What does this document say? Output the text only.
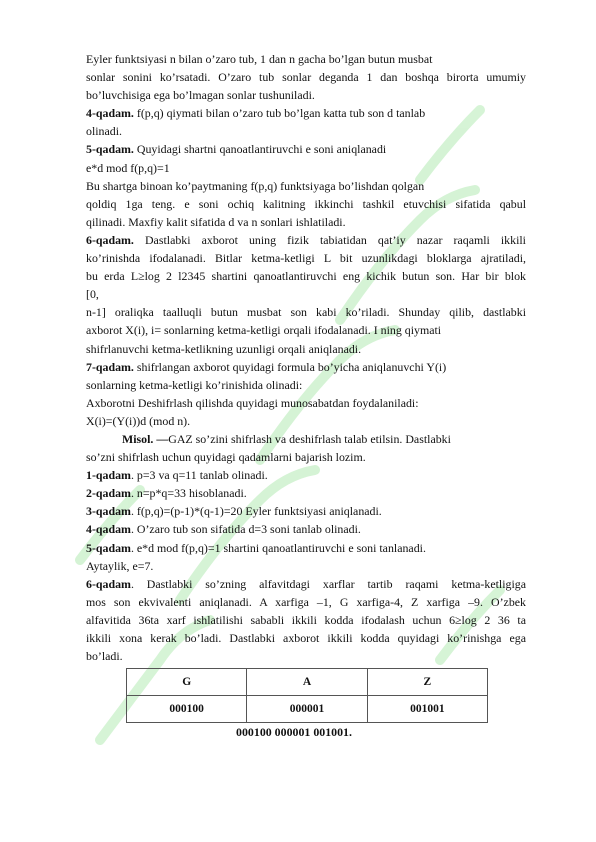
Eyler funktsiyasi n bilan o’zaro tub, 1 dan n gacha bo’lgan butun musbat

sonlar sonini ko’rsatadi. O’zaro tub sonlar deganda 1 dan boshqa birorta umumiy

bo’luvchisiga ega bo’lmagan sonlar tushuniladi.

4-qadam. f(p,q) qiymati bilan o’zaro tub bo’lgan katta tub son d tanlab

olinadi.

5-qadam. Quyidagi shartni qanoatlantiruvchi e soni aniqlanadi

e*d mod f(p,q)=1

Bu shartga binoan ko’paytmaning f(p,q) funktsiyaga bo’lishdan qolgan

qoldiq 1ga teng. e soni ochiq kalitning ikkinchi tashkil etuvchisi sifatida qabul

qilinadi. Maxfiy kalit sifatida d va n sonlari ishlatiladi.

6-qadam. Dastlabki axborot uning fizik tabiatidan qat’iy nazar raqamli ikkili

ko’rinishda ifodalanadi. Bitlar ketma-ketligi L bit uzunlikdagi bloklarga ajratiladi,

bu erda L≥log 2 l2345 shartini qanoatlantiruvchi eng kichik butun son. Har bir blok

[0,

n-1] oraliqka taalluqli butun musbat son kabi ko’riladi. Shunday qilib, dastlabki

axborot X(i), i= sonlarning ketma-ketligi orqali ifodalanadi. I ning qiymati

shifrlanuvchi ketma-ketlikning uzunligi orqali aniqlanadi.

7-qadam. shifrlangan axborot quyidagi formula bo’yicha aniqlanuvchi Y(i)

sonlarning ketma-ketligi ko’rinishida olinadi:

Axborotni Deshifrlash qilishda quyidagi munosabatdan foydalaniladi:

X(i)=(Y(i))d (mod n).

Misol. —GAZ so’zini shifrlash va deshifrlash talab etilsin. Dastlabki

so’zni shifrlash uchun quyidagi qadamlarni bajarish lozim.

1-qadam. p=3 va q=11 tanlab olinadi.

2-qadam. n=p*q=33 hisoblanadi.

3-qadam. f(p,q)=(p-1)*(q-1)=20 Eyler funktsiyasi aniqlanadi.

4-qadam. O’zaro tub son sifatida d=3 soni tanlab olinadi.

5-qadam. e*d mod f(p,q)=1 shartini qanoatlantiruvchi e soni tanlanadi.

Aytaylik, e=7.

6-qadam. Dastlabki so’zning alfavitdagi xarflar tartib raqami ketma-ketligiga

mos son ekvivalenti aniqlanadi. A xarfiga –1, G xarfiga-4, Z xarfiga –9. O’zbek

alfavitida 36ta xarf ishlatilishi sababli ikkili kodda ifodalash uchun 6≥log 2 36 ta

ikkili xona kerak bo’ladi. Dastlabki axborot ikkili kodda quyidagi ko’rinishga ega

bo’ladi.

G	A	Z
000100	000001	001001

000100 000001 001001.
